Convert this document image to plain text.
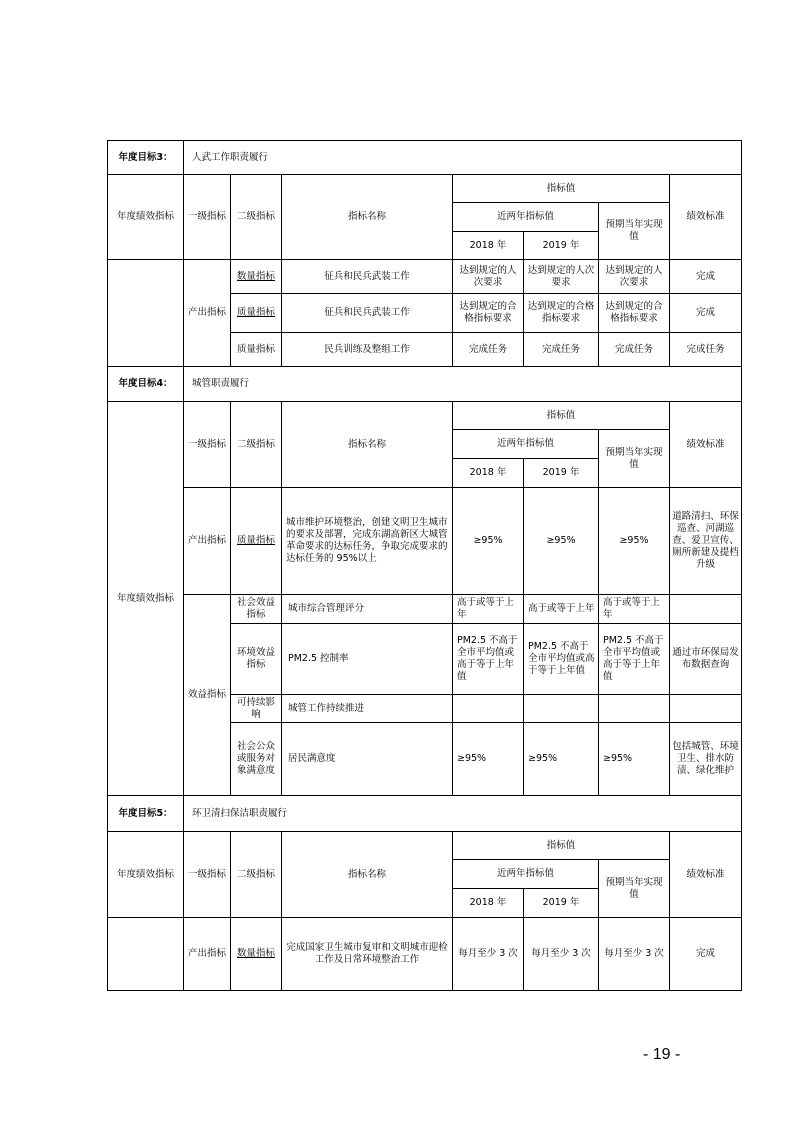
年度目标3：	人武工作职责履行						
年度绩效指标	一级指标	二级指标	指标名称	指标值			绩效标准
				近两年指标值		预期当年实现值	
				2018 年	2019 年		
	产出指标	数量指标	征兵和民兵武装工作	达到规定的人次要求	达到规定的人次要求	达到规定的人次要求	完成
		质量指标	征兵和民兵武装工作	达到规定的合格指标要求	达到规定的合格指标要求	达到规定的合格指标要求	完成
		质量指标	民兵训练及整组工作	完成任务	完成任务	完成任务	完成任务
年度目标4：	城管职责履行						
年度绩效指标	一级指标	二级指标	指标名称	指标值			绩效标准
				近两年指标值		预期当年实现值	
				2018 年	2019 年		
	产出指标	质量指标	城市维护环境整治，创建文明卫生城市的要求及部署，完成东湖高新区大城管革命要求的达标任务，争取完成要求的达标任务的 95%以上	≥95%	≥95%	≥95%	道路清扫、环保巡查、河湖巡查、爱卫宣传、厕所新建及提档升级
	效益指标	社会效益指标	城市综合管理评分	高于或等于上年	高于或等于上年	高于或等于上年	
		环境效益指标	PM2.5 控制率	PM2.5 不高于全市平均值或高于等于上年值	PM2.5 不高于全市平均值或高于等于上年值	PM2.5 不高于全市平均值或高于等于上年值	通过市环保局发布数据查询
		可持续影响	城管工作持续推进				
		社会公众或服务对象满意度	居民满意度	≥95%	≥95%	≥95%	包括城管、环境卫生、排水防渍、绿化维护
年度目标5：	环卫清扫保洁职责履行						
年度绩效指标	一级指标	二级指标	指标名称	指标值			绩效标准
				近两年指标值		预期当年实现值	
				2018 年	2019 年		
	产出指标	数量指标	完成国家卫生城市复审和文明城市迎检工作及日常环境整治工作	每月至少 3 次	每月至少 3 次	每月至少 3 次	完成
- 19 -
